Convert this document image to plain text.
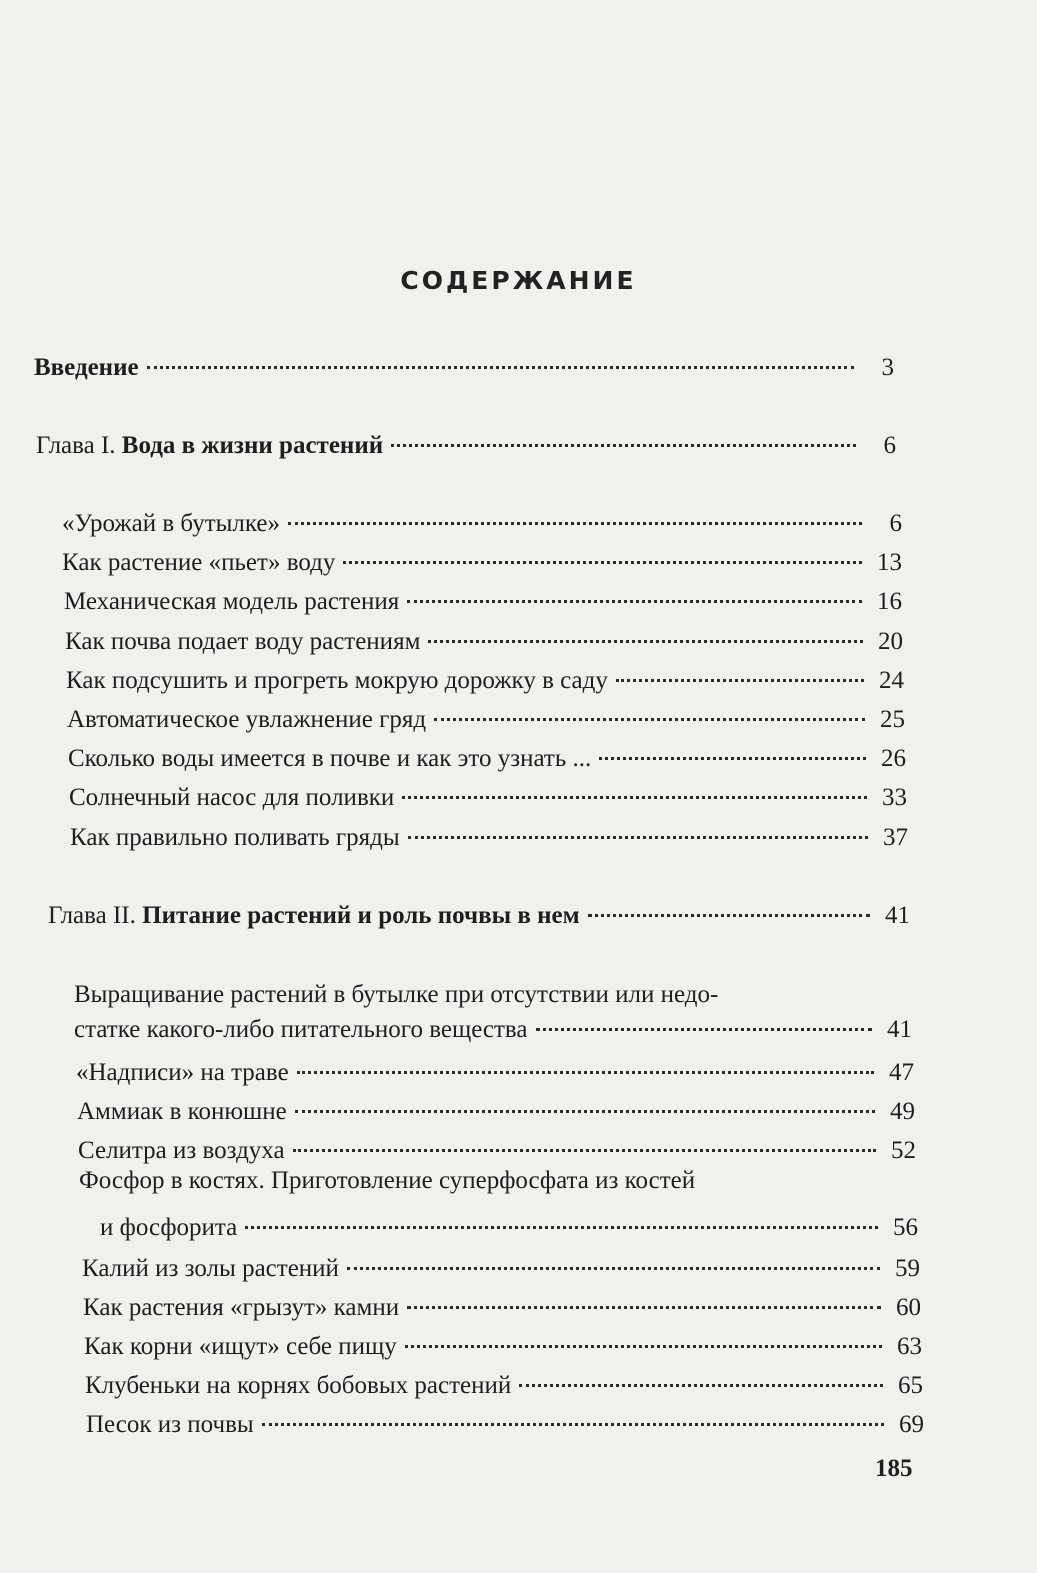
СОДЕРЖАНИЕ
Введение	3
Глава I. Вода в жизни растений	6
«Урожай в бутылке»	6
Как растение «пьет» воду	13
Механическая модель растения	16
Как почва подает воду растениям	20
Как подсушить и прогреть мокрую дорожку в саду	24
Автоматическое увлажнение гряд	25
Сколько воды имеется в почве и как это узнать ...	26
Солнечный насос для поливки	33
Как правильно поливать гряды	37
Глава II. Питание растений и роль почвы в нем	41
Выращивание растений в бутылке при отсутствии или недо-
статке какого-либо питательного вещества	41
«Надписи» на траве	47
Аммиак в конюшне	49
Селитра из воздуха	52
Фосфор в костях. Приготовление суперфосфата из костей
и фосфорита	56
Калий из золы растений	59
Как растения «грызут» камни	60
Как корни «ищут» себе пищу	63
Клубеньки на корнях бобовых растений	65
Песок из почвы	69
185
